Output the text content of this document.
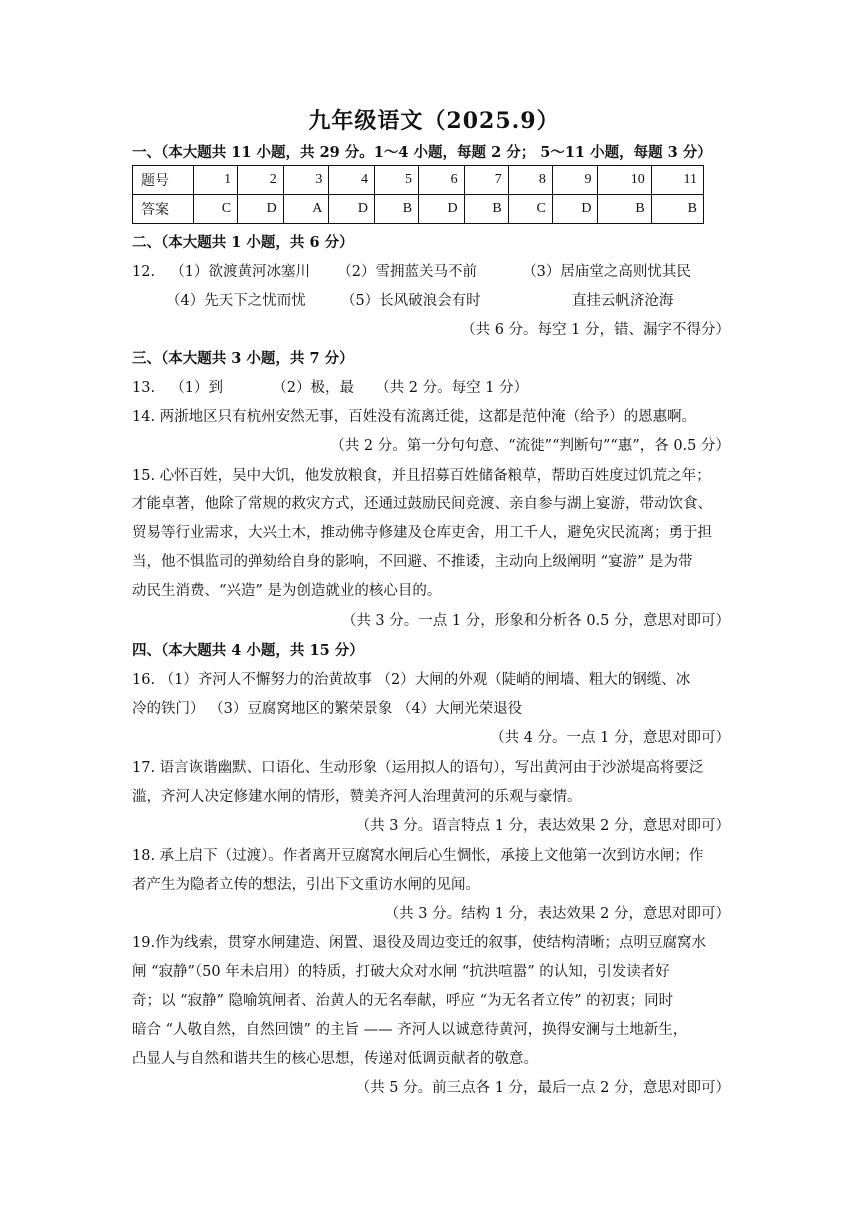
九年级语文（2025.9）
一、（本大题共 11 小题，共 29 分。1～4 小题，每题 2 分； 5～11 小题，每题 3 分）
题号	1	2	3	4	5	6	7	8	9	10	11
答案	C	D	A	D	B	D	B	C	D	B	B
二、（本大题共 1 小题，共 6 分）
12. （1）欲渡黄河冰塞川 （2）雪拥蓝关马不前	（3）居庙堂之高则忧其民
（4）先天下之忧而忧 （5）长风破浪会有时	直挂云帆济沧海
（共 6 分。每空 1 分，错、漏字不得分）
三、（本大题共 3 小题，共 7 分）
13. （1）到	（2）极，最 （共 2 分。每空 1 分）
14. 两浙地区只有杭州安然无事，百姓没有流离迁徙，这都是范仲淹（给予）的恩惠啊。
（共 2 分。第一分句句意、“流徙”“判断句”“惠”，各 0.5 分）
15. 心怀百姓，吴中大饥，他发放粮食，并且招募百姓储备粮草，帮助百姓度过饥荒之年；
才能卓著，他除了常规的救灾方式，还通过鼓励民间竞渡、亲自参与湖上宴游，带动饮食、
贸易等行业需求，大兴土木，推动佛寺修建及仓库吏舍，用工千人，避免灾民流离；勇于担
当，他不惧监司的弹劾给自身的影响，不回避、不推诿，主动向上级阐明 “宴游” 是为带
动民生消费、“兴造” 是为创造就业的核心目的。
（共 3 分。一点 1 分，形象和分析各 0.5 分，意思对即可）
四、（本大题共 4 小题，共 15 分）
16. （1）齐河人不懈努力的治黄故事 （2）大闸的外观（陡峭的闸墙、粗大的钢缆、冰
冷的铁门） （3）豆腐窝地区的繁荣景象 （4）大闸光荣退役
（共 4 分。一点 1 分，意思对即可）
17. 语言诙谐幽默、口语化、生动形象（运用拟人的语句），写出黄河由于沙淤堤高将要泛
滥，齐河人决定修建水闸的情形，赞美齐河人治理黄河的乐观与豪情。
（共 3 分。语言特点 1 分，表达效果 2 分，意思对即可）
18. 承上启下（过渡）。作者离开豆腐窝水闸后心生惆怅，承接上文他第一次到访水闸；作
者产生为隐者立传的想法，引出下文重访水闸的见闻。
（共 3 分。结构 1 分，表达效果 2 分，意思对即可）
19.作为线索，贯穿水闸建造、闲置、退役及周边变迁的叙事，使结构清晰；点明豆腐窝水
闸 “寂静”（50 年未启用）的特质，打破大众对水闸 “抗洪喧嚣” 的认知，引发读者好
奇；以 “寂静” 隐喻筑闸者、治黄人的无名奉献，呼应 “为无名者立传” 的初衷；同时
暗合 “人敬自然，自然回馈” 的主旨 —— 齐河人以诚意待黄河，换得安澜与土地新生，
凸显人与自然和谐共生的核心思想，传递对低调贡献者的敬意。
（共 5 分。前三点各 1 分，最后一点 2 分，意思对即可）
